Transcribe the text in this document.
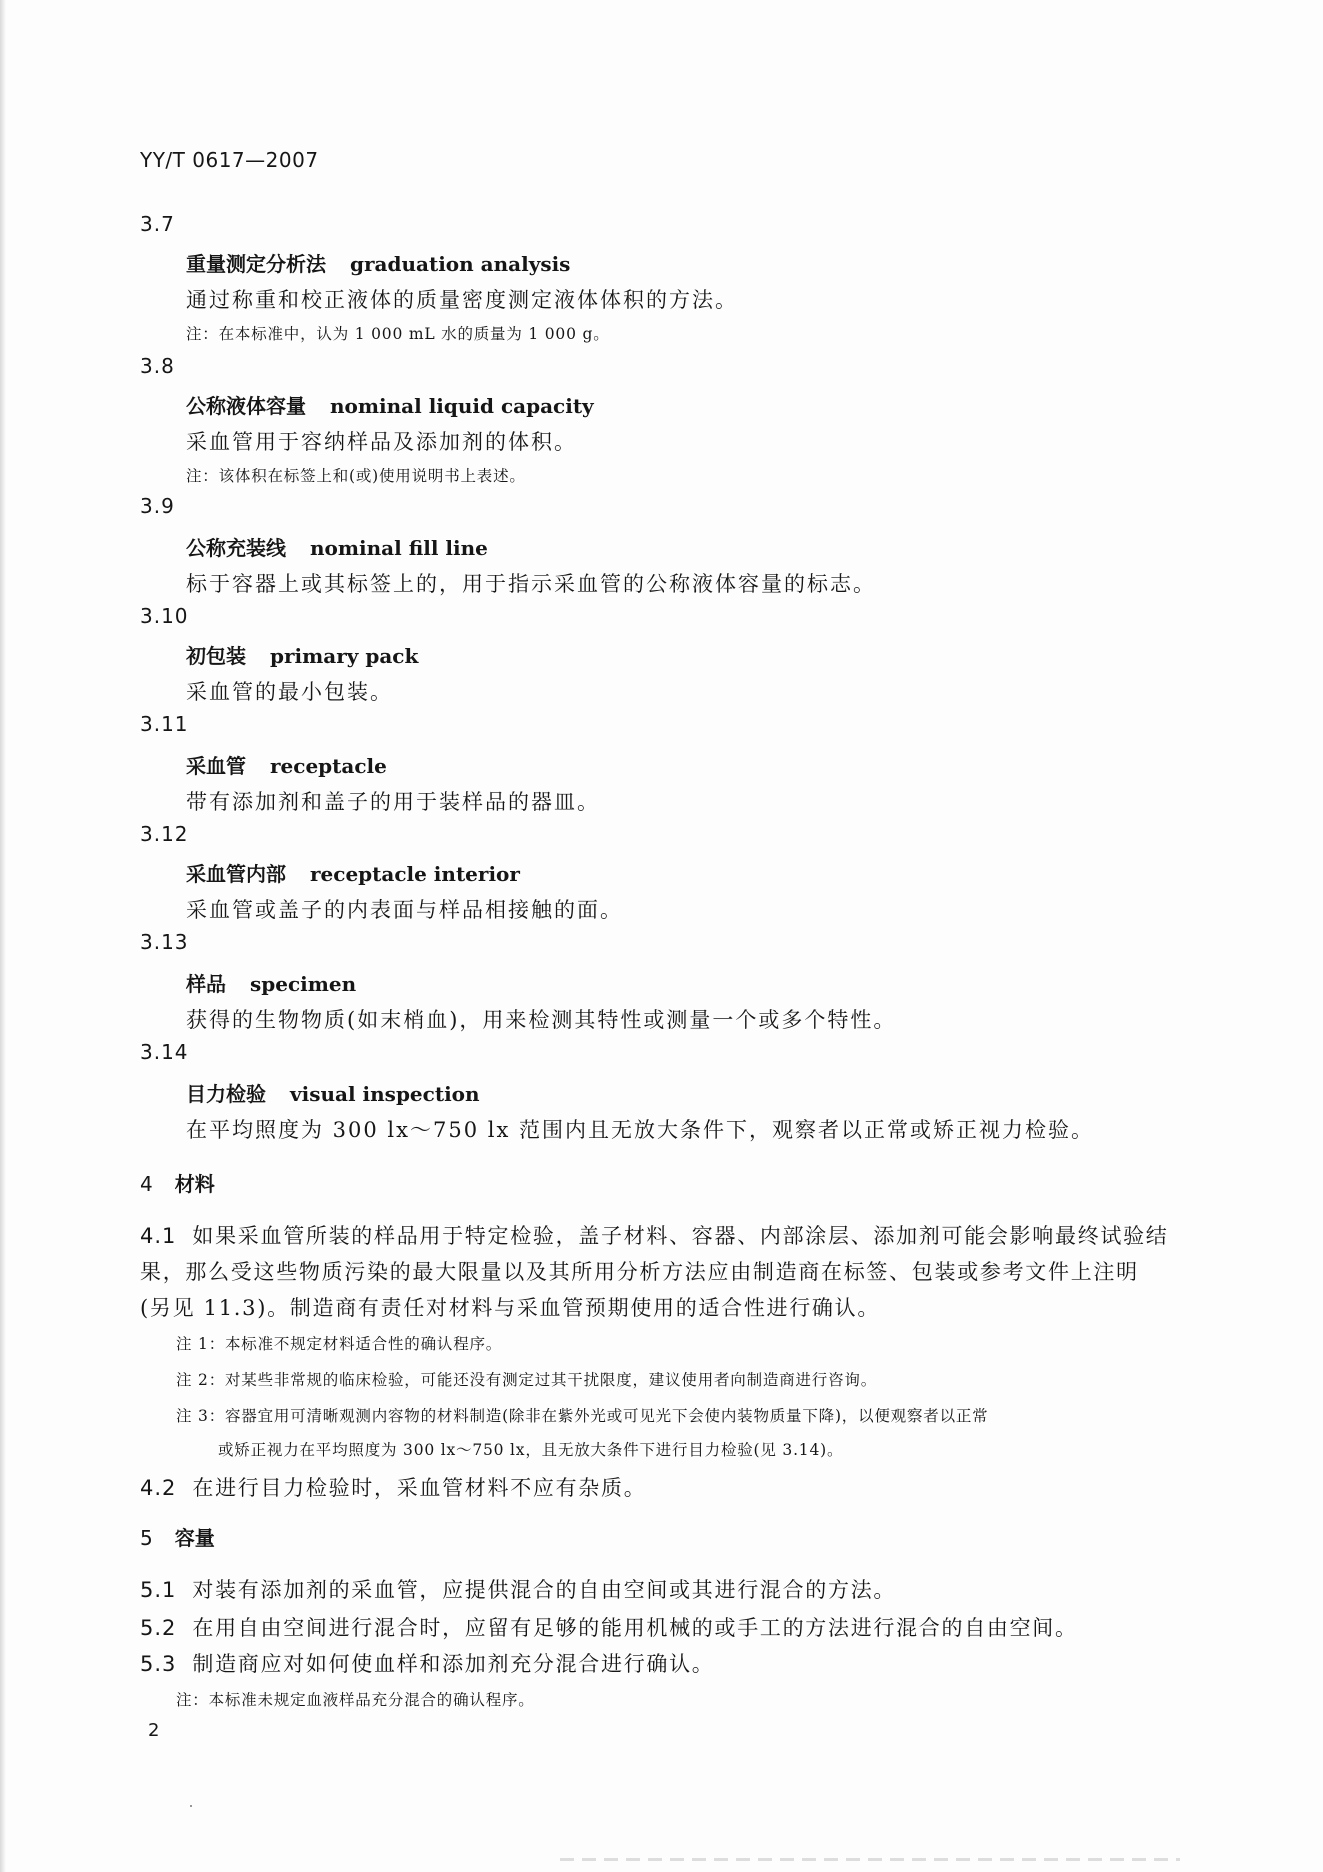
YY/T 0617—2007
3.7
重量测定分析法 graduation analysis
通过称重和校正液体的质量密度测定液体体积的方法。
注：在本标准中，认为 1 000 mL 水的质量为 1 000 g。
3.8
公称液体容量 nominal liquid capacity
采血管用于容纳样品及添加剂的体积。
注：该体积在标签上和(或)使用说明书上表述。
3.9
公称充装线 nominal fill line
标于容器上或其标签上的，用于指示采血管的公称液体容量的标志。
3.10
初包装 primary pack
采血管的最小包装。
3.11
采血管 receptacle
带有添加剂和盖子的用于装样品的器皿。
3.12
采血管内部 receptacle interior
采血管或盖子的内表面与样品相接触的面。
3.13
样品 specimen
获得的生物物质(如末梢血)，用来检测其特性或测量一个或多个特性。
3.14
目力检验 visual inspection
在平均照度为 300 lx～750 lx 范围内且无放大条件下，观察者以正常或矫正视力检验。
4 材料
4.1 如果采血管所装的样品用于特定检验，盖子材料、容器、内部涂层、添加剂可能会影响最终试验结
果，那么受这些物质污染的最大限量以及其所用分析方法应由制造商在标签、包装或参考文件上注明
(另见 11.3)。制造商有责任对材料与采血管预期使用的适合性进行确认。
注 1：本标准不规定材料适合性的确认程序。
注 2：对某些非常规的临床检验，可能还没有测定过其干扰限度，建议使用者向制造商进行咨询。
注 3：容器宜用可清晰观测内容物的材料制造(除非在紫外光或可见光下会使内装物质量下降)，以便观察者以正常
或矫正视力在平均照度为 300 lx～750 lx，且无放大条件下进行目力检验(见 3.14)。
4.2 在进行目力检验时，采血管材料不应有杂质。
5 容量
5.1 对装有添加剂的采血管，应提供混合的自由空间或其进行混合的方法。
5.2 在用自由空间进行混合时，应留有足够的能用机械的或手工的方法进行混合的自由空间。
5.3 制造商应对如何使血样和添加剂充分混合进行确认。
注：本标准未规定血液样品充分混合的确认程序。
2
